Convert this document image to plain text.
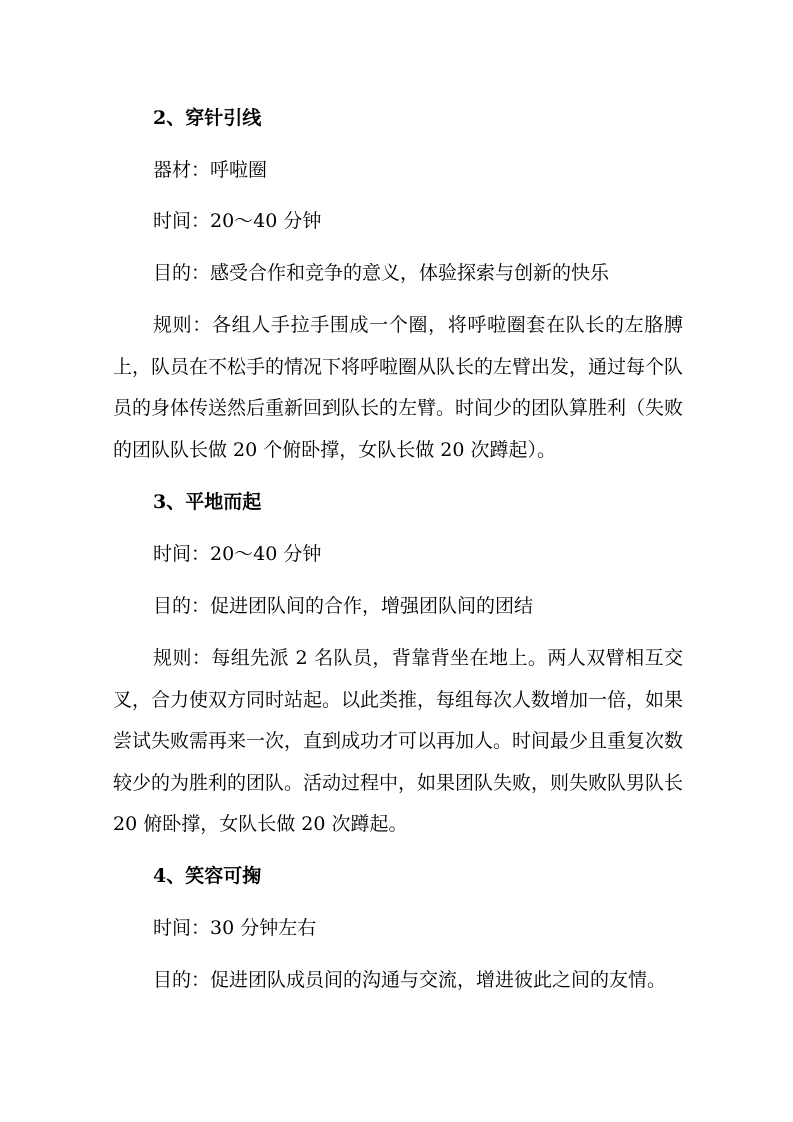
2、穿针引线
器材：呼啦圈
时间：20～40 分钟
目的：感受合作和竞争的意义，体验探索与创新的快乐

规则：各组人手拉手围成一个圈，将呼啦圈套在队长的左胳膊上，队员在不松手的情况下将呼啦圈从队长的左臂出发，通过每个队员的身体传送然后重新回到队长的左臂。时间少的团队算胜利（失败的团队队长做 20 个俯卧撑，女队长做 20 次蹲起）。

3、平地而起
时间：20～40 分钟
目的：促进团队间的合作，增强团队间的团结

规则：每组先派 2 名队员，背靠背坐在地上。两人双臂相互交叉，合力使双方同时站起。以此类推，每组每次人数增加一倍，如果尝试失败需再来一次，直到成功才可以再加人。时间最少且重复次数较少的为胜利的团队。活动过程中，如果团队失败，则失败队男队长 20 俯卧撑，女队长做 20 次蹲起。

4、笑容可掬
时间：30 分钟左右
目的：促进团队成员间的沟通与交流，增进彼此之间的友情。
